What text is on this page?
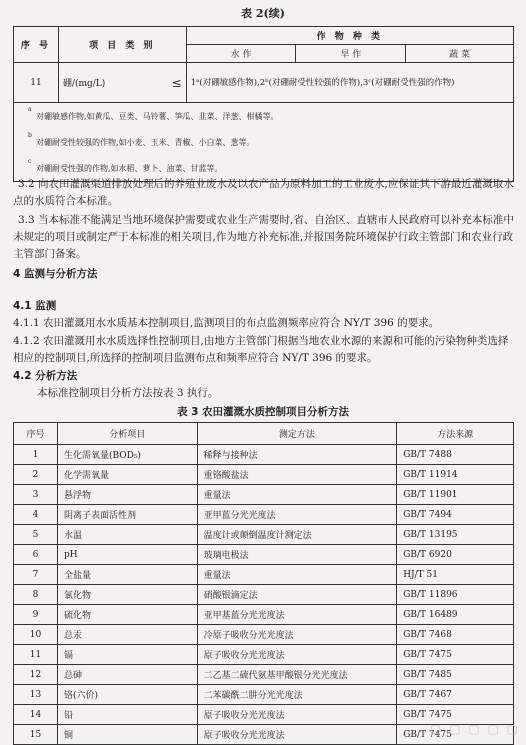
表 2(续)
序 号	项 目 类 别		作 物 种 类		
			水 作	旱 作	蔬 菜
11	硼/(mg/L)	≤	1ᵃ(对硼敏感作物),2ᵇ(对硼耐受性较强的作物),3ᶜ(对硼耐受性强的作物)		

a
对硼敏感作物,如黄瓜、豆类、马铃薯、笋瓜、韭菜、洋葱、柑橘等。					

b
对硼耐受性较强的作物,如小麦、玉米、青椒、小白菜、葱等。					

c
对硼耐受性强的作物,如水稻、萝卜、油菜、甘蓝等。					
3.2 向农田灌溉渠道排放处理后的养殖业废水及以农产品为原料加工的工业废水,应保证其下游最近灌溉取水点的水质符合本标准。
3.3 当本标准不能满足当地环境保护需要或农业生产需要时,省、自治区、直辖市人民政府可以补充本标准中未规定的项目或制定严于本标准的相关项目,作为地方补充标准,并报国务院环境保护行政主管部门和农业行政主管部门备案。
4 监测与分析方法
4.1 监测
4.1.1 农田灌溉用水水质基本控制项目,监测项目的布点监测频率应符合 NY/T 396 的要求。
4.1.2 农田灌溉用水水质选择性控制项目,由地方主管部门根据当地农业水源的来源和可能的污染物种类选择相应的控制项目,所选择的控制项目监测布点和频率应符合 NY/T 396 的要求。
4.2 分析方法
本标准控制项目分析方法按表 3 执行。
表 3 农田灌溉水质控制项目分析方法
序号	分析项目	测定方法	方法来源
1	生化需氧量(BOD₅)	稀释与接种法	GB/T 7488
2	化学需氧量	重铬酸盐法	GB/T 11914
3	悬浮物	重量法	GB/T 11901
4	阴离子表面活性剂	亚甲蓝分光光度法	GB/T 7494
5	水温	温度计或颠倒温度计测定法	GB/T 13195
6	pH	玻璃电极法	GB/T 6920
7	全盐量	重量法	HJ/T 51
8	氯化物	硝酸银滴定法	GB/T 11896
9	硫化物	亚甲基蓝分光光度法	GB/T 16489
10	总汞	冷原子吸收分光光度法	GB/T 7468
11	镉	原子吸收分光光度法	GB/T 7475
12	总砷	二乙基二硫代氨基甲酸银分光光度法	GB/T 7485
13	铬(六价)	二苯碳酰二肼分光光度法	GB/T 7467
14	铅	原子吸收分光光度法	GB/T 7475
15	铜	原子吸收分光光度法	GB/T 7475
▢ ▢ ▢ ▢ ▢
